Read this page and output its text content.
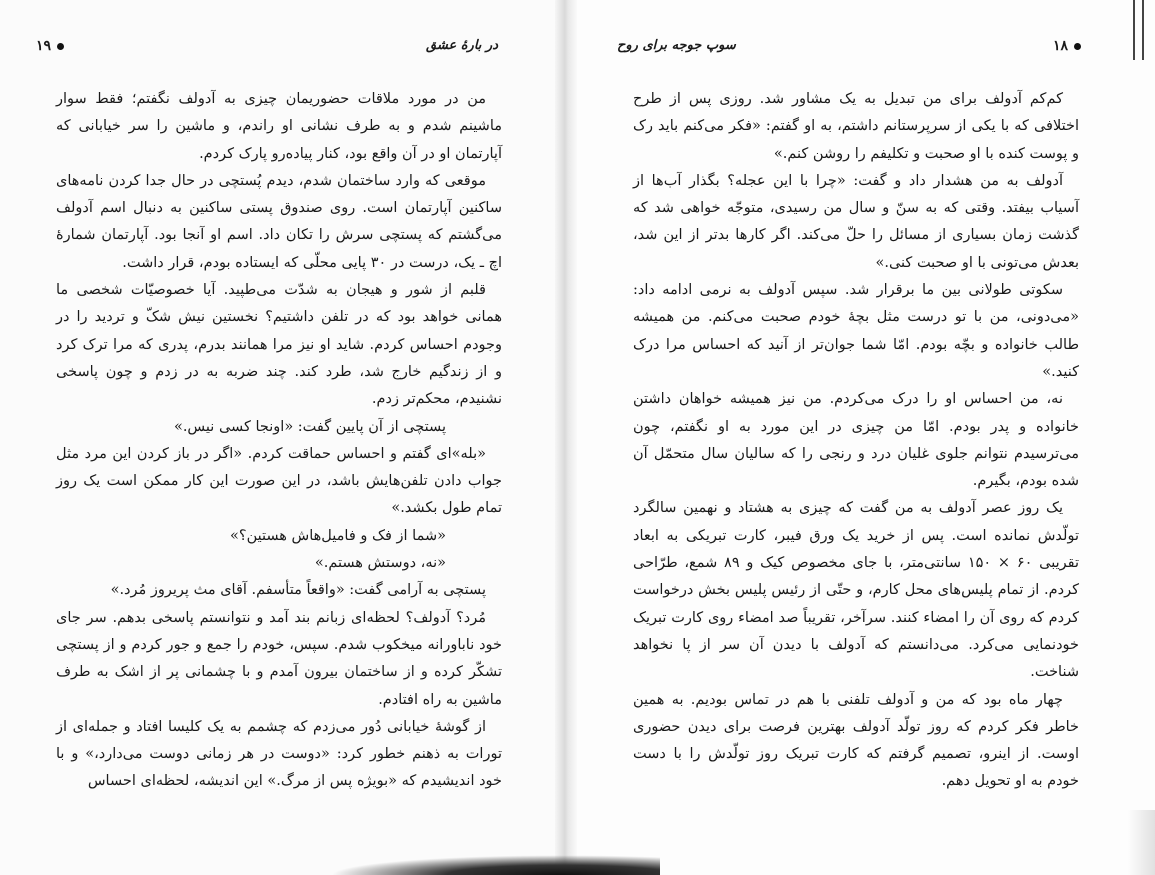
۱۹	در بارهٔ عشق

من در مورد ملاقات حضوریمان چیزی به آدولف نگفتم؛ فقط سوار ماشینم شدم و به طرف نشانی او راندم، و ماشین را سر خیابانی که آپارتمان او در آن واقع بود، کنار پیاده‌رو پارک کردم.

موقعی که وارد ساختمان شدم، دیدم پُستچی در حال جدا کردن نامه‌های ساکنین آپارتمان است. روی صندوق پستی ساکنین به دنبال اسم آدولف می‌گشتم که پستچی سرش را تکان داد. اسم او آنجا بود. آپارتمان شمارهٔ اچ ـ یک، درست در ۳۰ پایی محلّی که ایستاده بودم، قرار داشت.

قلبم از شور و هیجان به شدّت می‌طپید. آیا خصوصیّات شخصی ما همانی خواهد بود که در تلفن داشتیم؟ نخستین نیش شکّ و تردید را در وجودم احساس کردم. شاید او نیز مرا همانند بدرم، پدری که مرا ترک کرد و از زندگیم خارج شد، طرد کند. چند ضربه به در زدم و چون پاسخی نشنیدم، محکم‌تر زدم.

پستچی از آن پایین گفت: «اونجا کسی نیس.»

«بله»ای گفتم و احساس حماقت کردم. «اگر در باز کردن این مرد مثل جواب دادن تلفن‌هایش باشد، در این صورت این کار ممکن است یک روز تمام طول بکشد.»

«شما از فک و فامیل‌هاش هستین؟»

«نه، دوستش هستم.»

پستچی به آرامی گفت: «واقعاً متأسفم. آقای مث پریروز مُرد.»

مُرد؟ آدولف؟ لحظه‌ای زبانم بند آمد و نتوانستم پاسخی بدهم. سر جای خود ناباورانه میخکوب شدم. سپس، خودم را جمع و جور کردم و از پستچی تشکّر کرده و از ساختمان بیرون آمدم و با چشمانی پر از اشک به طرف ماشین به راه افتادم.

از گوشهٔ خیابانی دُور می‌زدم که چشمم به یک کلیسا افتاد و جمله‌ای از تورات به ذهنم خطور کرد: «دوست در هر زمانی دوست می‌دارد،» و با خود اندیشیدم که «بویژه پس از مرگ.» این اندیشه، لحظه‌ای احساس

۱۸
سوپ جوجه برای روح

کم‌کم آدولف برای من تبدیل به یک مشاور شد. روزی پس از طرح اختلافی که با یکی از سرپرستانم داشتم، به او گفتم: «فکر می‌کنم باید رک و پوست کنده با او صحبت و تکلیفم را روشن کنم.»

آدولف به من هشدار داد و گفت: «چرا با این عجله؟ بگذار آب‌ها از آسیاب بیفتد. وقتی که به سنّ و سال من رسیدی، متوجّه خواهی شد که گذشت زمان بسیاری از مسائل را حلّ می‌کند. اگر کارها بدتر از این شد، بعدش می‌تونی با او صحبت کنی.»

سکوتی طولانی بین ما برقرار شد. سپس آدولف به نرمی ادامه داد: «می‌دونی، من با تو درست مثل بچهٔ خودم صحبت می‌کنم. من همیشه طالب خانواده و بچّه بودم. امّا شما جوان‌تر از آنید که احساس مرا درک کنید.»

نه، من احساس او را درک می‌کردم. من نیز همیشه خواهان داشتن خانواده و پدر بودم. امّا من چیزی در این مورد به او نگفتم، چون می‌ترسیدم نتوانم جلوی غلیان درد و رنجی را که سالیان سال متحمّل آن شده بودم، بگیرم.

یک روز عصر آدولف به من گفت که چیزی به هشتاد و نهمین سالگرد تولّدش نمانده است. پس از خرید یک ورق فیبر، کارت تبریکی به ابعاد تقریبی ۶۰ × ۱۵۰ سانتی‌متر، با جای مخصوص کیک و ۸۹ شمع، طرّاحی کردم. از تمام پلیس‌های محل کارم، و حتّی از رئیس پلیس بخش درخواست کردم که روی آن را امضاء کنند. سرآخر، تقریباً صد امضاء روی کارت تبریک خودنمایی می‌کرد. می‌دانستم که آدولف با دیدن آن سر از پا نخواهد شناخت.

چهار ماه بود که من و آدولف تلفنی با هم در تماس بودیم. به همین خاطر فکر کردم که روز تولّد آدولف بهترین فرصت برای دیدن حضوری اوست. از اینرو، تصمیم گرفتم که کارت تبریک روز تولّدش را با دست خودم به او تحویل دهم.
